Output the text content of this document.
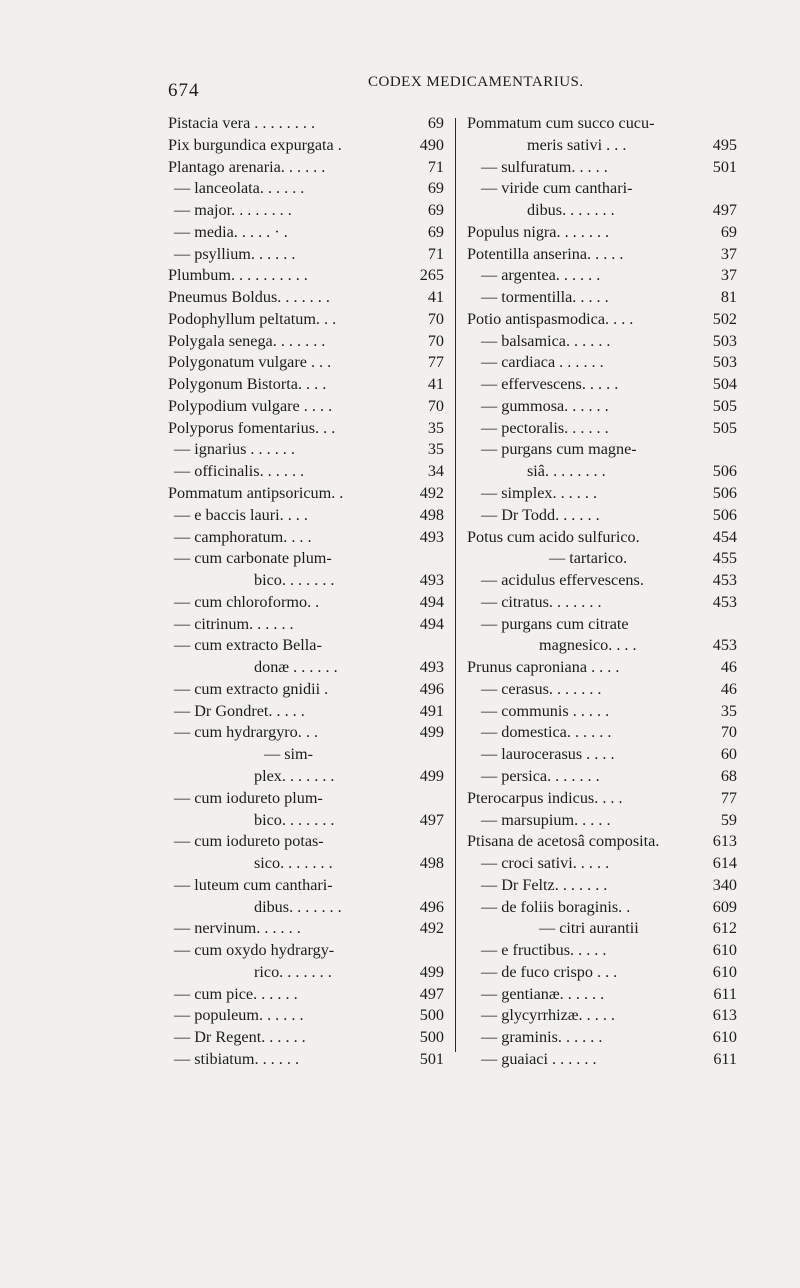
674	CODEX MEDICAMENTARIUS.
Pistacia vera . . . . . . . .	69
Pix burgundica expurgata .	490
Plantago arenaria. . . . . .	71
— lanceolata. . . . . .	69
— major. . . . . . . .	69
— media. . . . . · .	69
— psyllium. . . . . .	71
Plumbum. . . . . . . . . .	265
Pneumus Boldus. . . . . . .	41
Podophyllum peltatum. . .	70
Polygala senega. . . . . . .	70
Polygonatum vulgare . . .	77
Polygonum Bistorta. . . .	41
Polypodium vulgare . . . .	70
Polyporus fomentarius. . .	35
— ignarius . . . . . .	35
— officinalis. . . . . .	34
Pommatum antipsoricum. .	492
— e baccis lauri. . . .	498
— camphoratum. . . .	493
— cum carbonate plum-
bico. . . . . . .	493
— cum chloroformo. .	494
— citrinum. . . . . .	494
— cum extracto Bella-
donæ . . . . . .	493
— cum extracto gnidii .	496
— Dr Gondret. . . . .	491
— cum hydrargyro. . .	499
— sim-
plex. . . . . . .	499
— cum iodureto plum-
bico. . . . . . .	497
— cum iodureto potas-
sico. . . . . . .	498
— luteum cum canthari-
dibus. . . . . . .	496
— nervinum. . . . . .	492
— cum oxydo hydrargy-
rico. . . . . . .	499
— cum pice. . . . . .	497
— populeum. . . . . .	500
— Dr Regent. . . . . .	500
— stibiatum. . . . . .	501
Pommatum cum succo cucu-
meris sativi . . .	495
— sulfuratum. . . . .	501
— viride cum canthari-
dibus. . . . . . .	497
Populus nigra. . . . . . .	69
Potentilla anserina. . . . .	37
— argentea. . . . . .	37
— tormentilla. . . . .	81
Potio antispasmodica. . . .	502
— balsamica. . . . . .	503
— cardiaca . . . . . .	503
— effervescens. . . . .	504
— gummosa. . . . . .	505
— pectoralis. . . . . .	505
— purgans cum magne-
siâ. . . . . . . .	506
— simplex. . . . . .	506
— Dr Todd. . . . . .	506
Potus cum acido sulfurico.	454
— tartarico.	455
— acidulus effervescens.	453
— citratus. . . . . . .	453
— purgans cum citrate
magnesico. . . .	453
Prunus caproniana . . . .	46
— cerasus. . . . . . .	46
— communis . . . . .	35
— domestica. . . . . .	70
— laurocerasus . . . .	60
— persica. . . . . . .	68
Pterocarpus indicus. . . .	77
— marsupium. . . . .	59
Ptisana de acetosâ composita.	613
— croci sativi. . . . .	614
— Dr Feltz. . . . . . .	340
— de foliis boraginis. .	609
— citri aurantii	612
— e fructibus. . . . .	610
— de fuco crispo . . .	610
— gentianæ. . . . . .	611
— glycyrrhizæ. . . . .	613
— graminis. . . . . .	610
— guaiaci . . . . . .	611
